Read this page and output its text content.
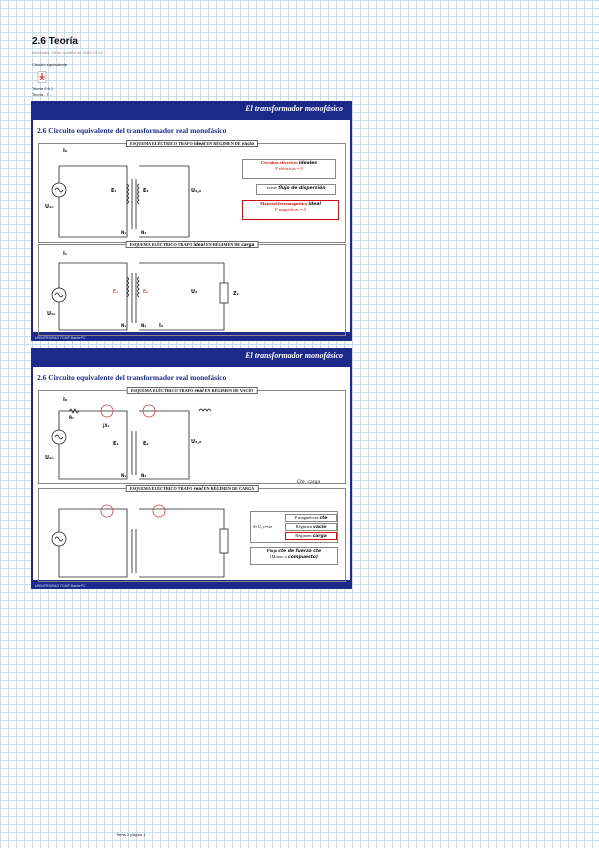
2.6 Teoría
miércoles, 28 de octubre de 2020 23:13
Circuito equivalente
Teoría 2.6.1
Teoría - T...
El transformador monofásico
2.6 Circuito equivalente del transformador real monofásico
ESQUEMA ELÉCTRICO TRAFO ideal EN RÉGIMEN DE vacío
I₀
U₁ₙ
E₁	E₂	U₂,₀
N₁	N₂
Circuitos eléctricos ideales
P eléctricas = 0
existe flujo de dispersión
Material ferromagnético ideal
P magnéticas = 0
ESQUEMA ELÉCTRICO TRAFO ideal EN RÉGIMEN DE carga
I₁
U₁ₙ
E₁	E₂	U₂	Z₂
I₂
N₁	N₂
UNIVERSIDAD TCME BaslerPC
El transformador monofásico
2.6 Circuito equivalente del transformador real monofásico
ESQUEMA ELÉCTRICO TRAFO real EN RÉGIMEN DE VACÍO
I₀
R₁
jX₁
E₁	E₂	U₂,₀
U₁ₙ
N₁	N₂
Cte. carga
ESQUEMA ELÉCTRICO TRAFO real EN RÉGIMEN DE CARGA
P magnéticas cte
Si U₁ₙ=cte	Régimen vacío
Régimen carga
Flujo cte de fuerza cte
(Mutuo o compuesto)
UNIVERSIDAD TCME BaslerPC
Tema 2 página 1
